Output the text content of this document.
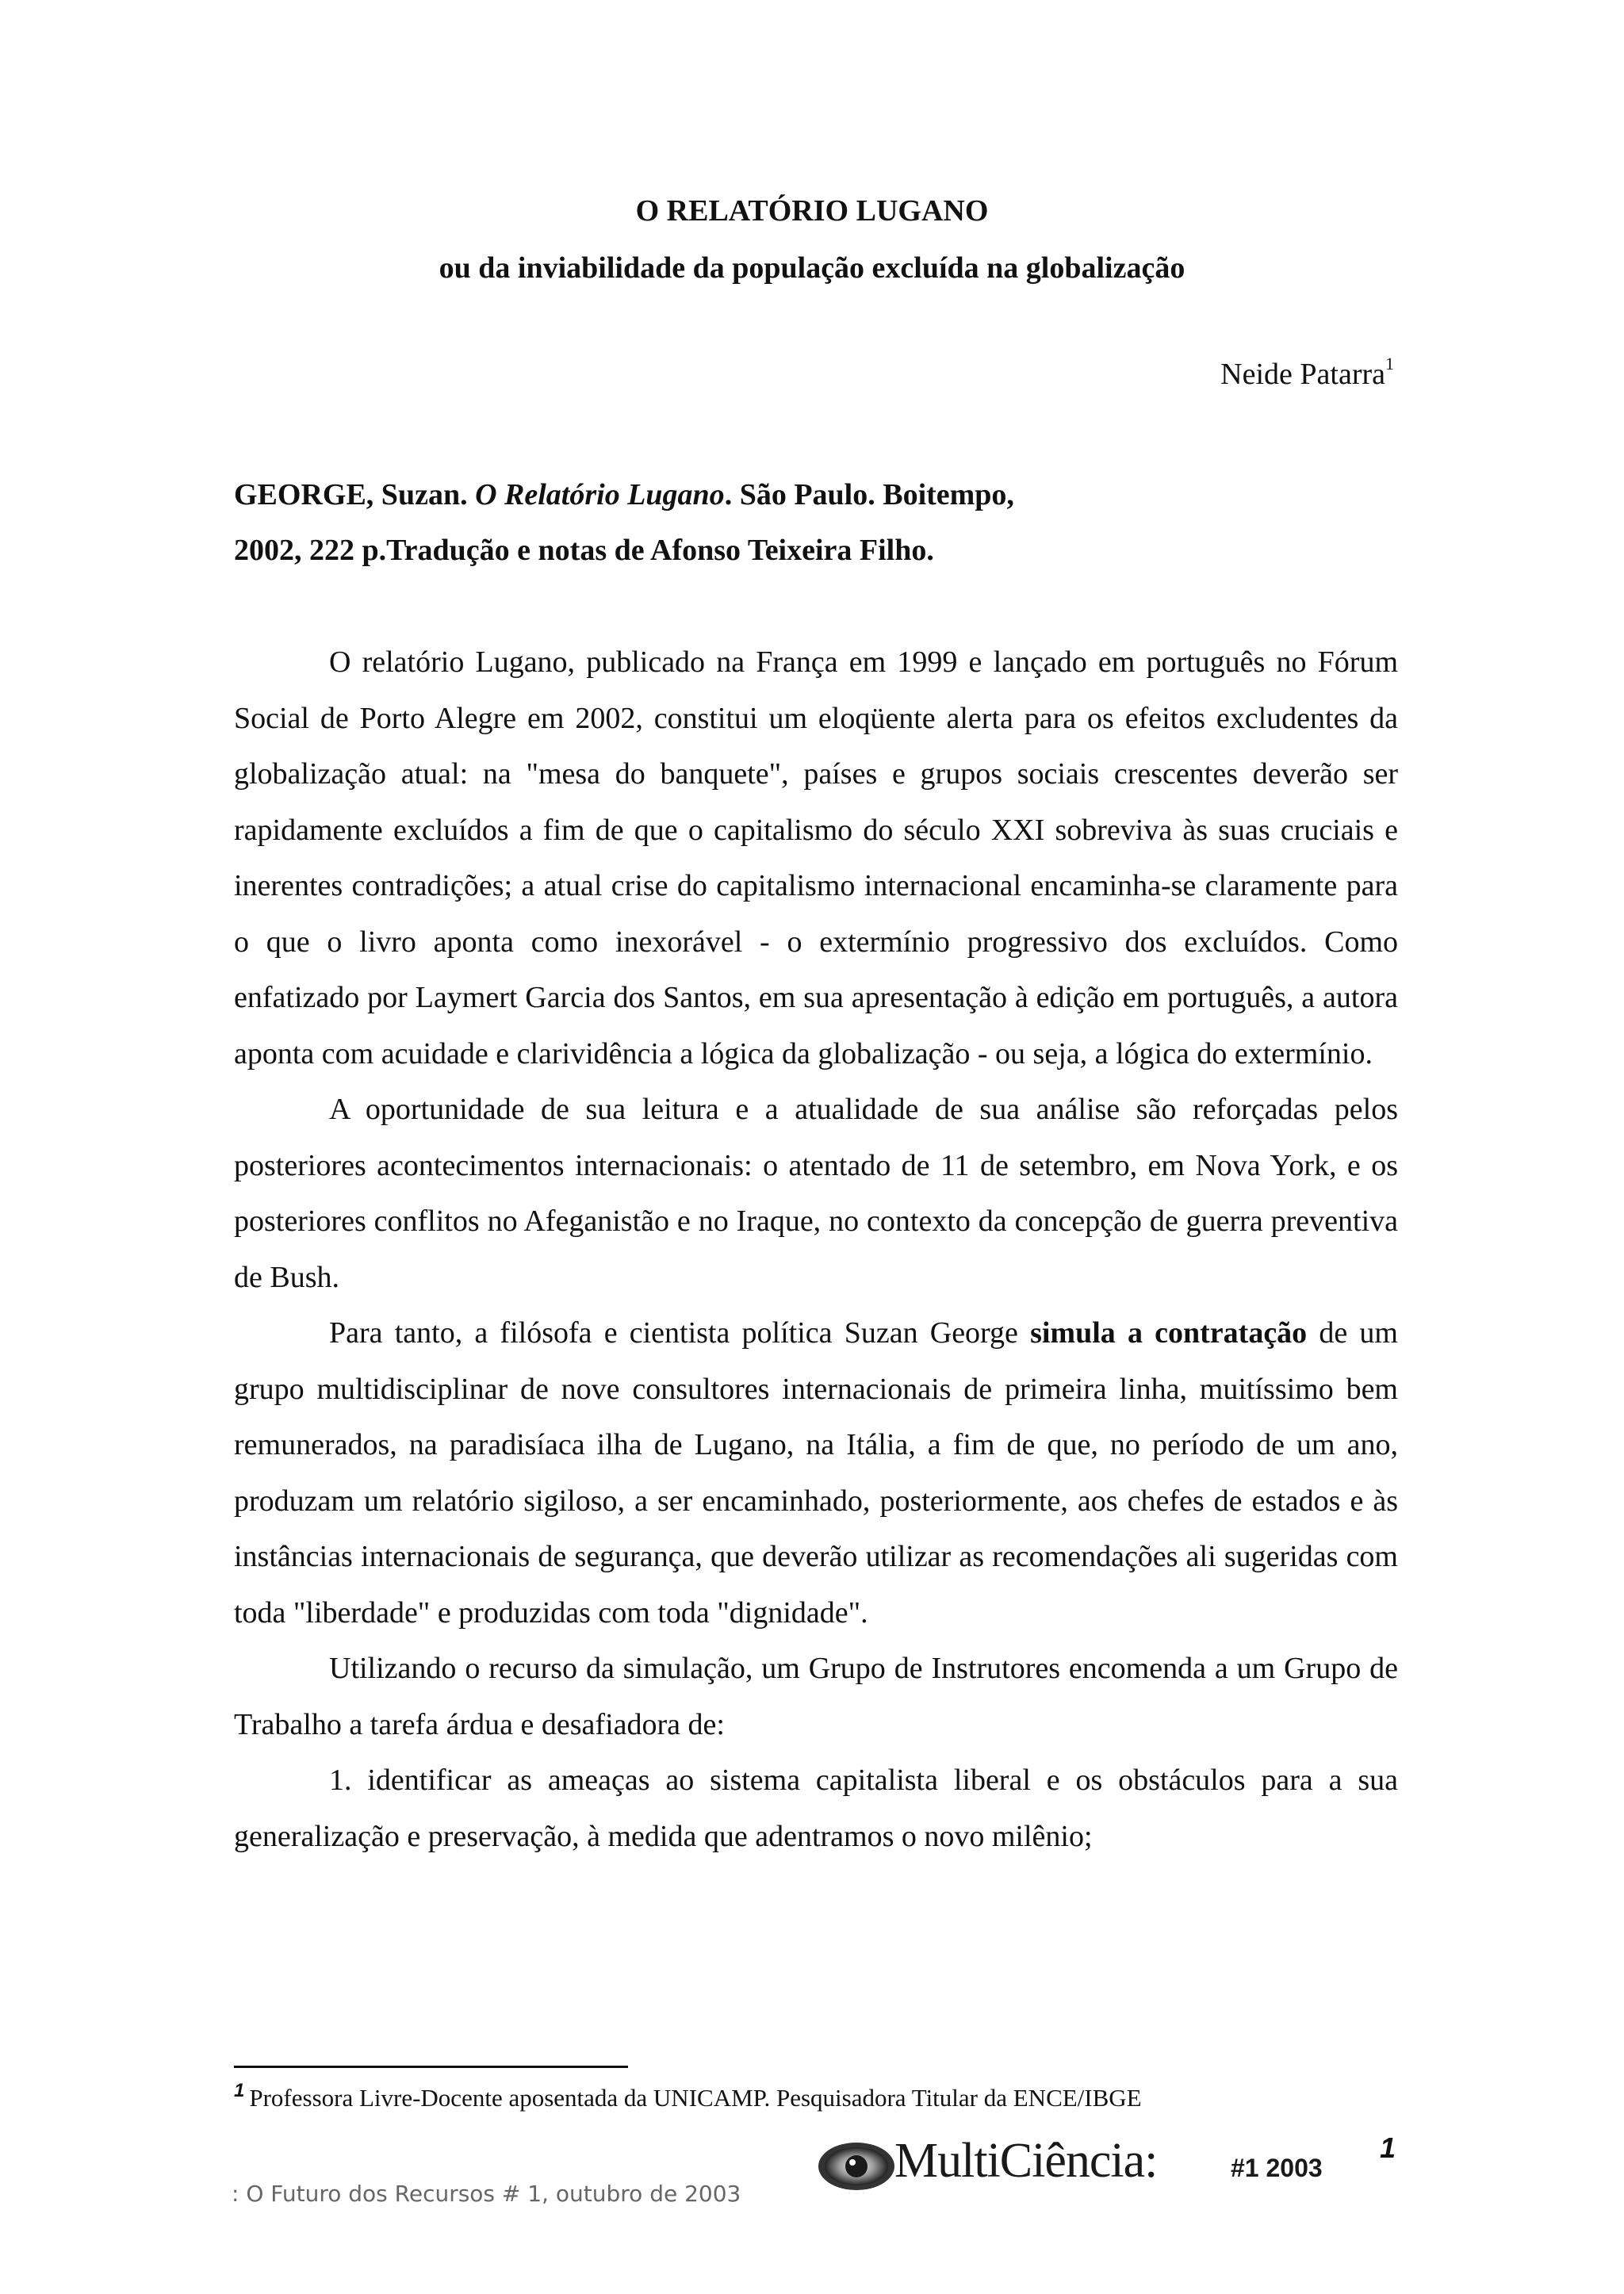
O RELATÓRIO LUGANO
ou da inviabilidade da população excluída na globalização
Neide Patarra$^1$
GEORGE, Suzan. O Relatório Lugano. São Paulo. Boitempo,
2002, 222 p.Tradução e notas de Afonso Teixeira Filho.

O relatório Lugano, publicado na França em 1999 e lançado em português no Fórum Social de Porto Alegre em 2002, constitui um eloqüente alerta para os efeitos excludentes da globalização atual: na "mesa do banquete", países e grupos sociais crescentes deverão ser rapidamente excluídos a fim de que o capitalismo do século XXI sobreviva às suas cruciais e inerentes contradições; a atual crise do capitalismo internacional encaminha-se claramente para o que o livro aponta como inexorável - o extermínio progressivo dos excluídos. Como enfatizado por Laymert Garcia dos Santos, em sua apresentação à edição em português, a autora aponta com acuidade e clarividência a lógica da globalização - ou seja, a lógica do extermínio.

A oportunidade de sua leitura e a atualidade de sua análise são reforçadas pelos posteriores acontecimentos internacionais: o atentado de 11 de setembro, em Nova York, e os posteriores conflitos no Afeganistão e no Iraque, no contexto da concepção de guerra preventiva de Bush.

Para tanto, a filósofa e cientista política Suzan George simula a contratação de um grupo multidisciplinar de nove consultores internacionais de primeira linha, muitíssimo bem remunerados, na paradisíaca ilha de Lugano, na Itália, a fim de que, no período de um ano, produzam um relatório sigiloso, a ser encaminhado, posteriormente, aos chefes de estados e às instâncias internacionais de segurança, que deverão utilizar as recomendações ali sugeridas com toda "liberdade" e produzidas com toda "dignidade".

Utilizando o recurso da simulação, um Grupo de Instrutores encomenda a um Grupo de Trabalho a tarefa árdua e desafiadora de:

1. identificar as ameaças ao sistema capitalista liberal e os obstáculos para a sua generalização e preservação, à medida que adentramos o novo milênio;

$^1$ Professora Livre-Docente aposentada da UNICAMP. Pesquisadora Titular da ENCE/IBGE
MultiCiência:	#1 2003
1
: O Futuro dos Recursos # 1, outubro de 2003
